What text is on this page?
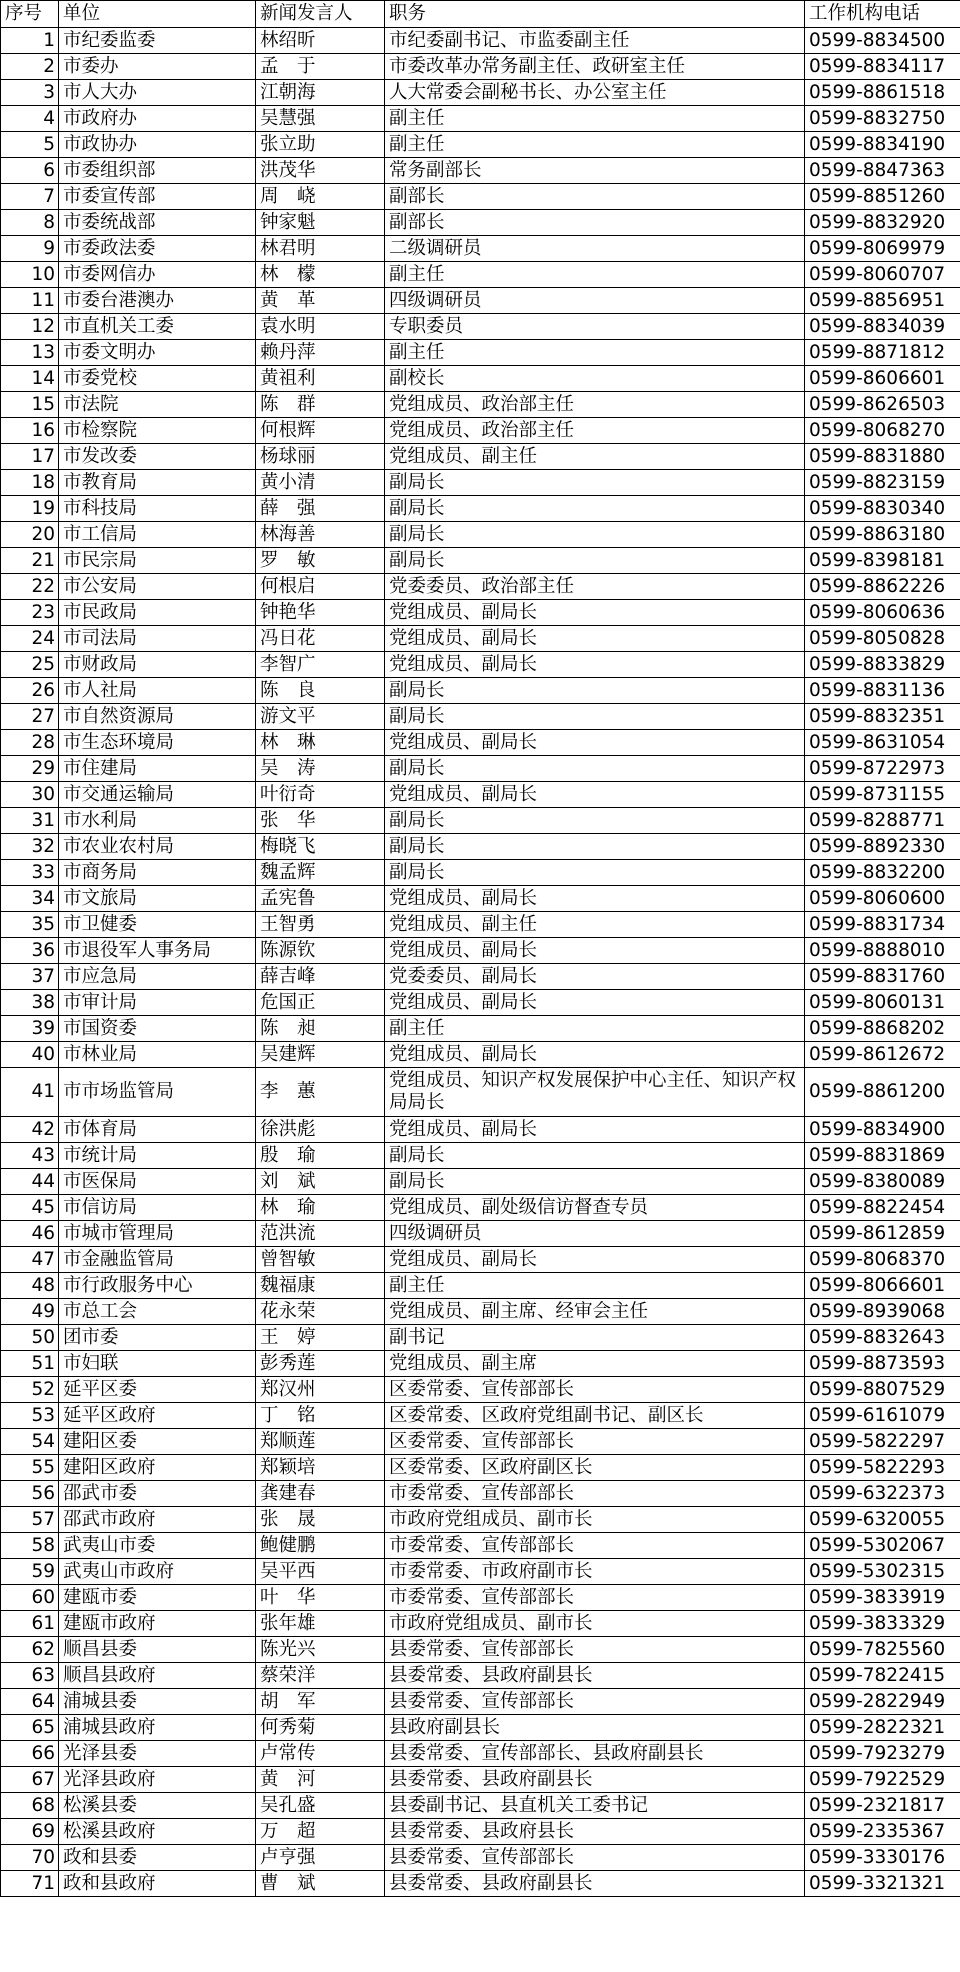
序号	单位	新闻发言人	职务	工作机构电话
1	市纪委监委	林绍昕	市纪委副书记、市监委副主任	0599-8834500
2	市委办	孟　于	市委改革办常务副主任、政研室主任	0599-8834117
3	市人大办	江朝海	人大常委会副秘书长、办公室主任	0599-8861518
4	市政府办	吴慧强	副主任	0599-8832750
5	市政协办	张立助	副主任	0599-8834190
6	市委组织部	洪茂华	常务副部长	0599-8847363
7	市委宣传部	周　峣	副部长	0599-8851260
8	市委统战部	钟家魁	副部长	0599-8832920
9	市委政法委	林君明	二级调研员	0599-8069979
10	市委网信办	林　檬	副主任	0599-8060707
11	市委台港澳办	黄　革	四级调研员	0599-8856951
12	市直机关工委	袁水明	专职委员	0599-8834039
13	市委文明办	赖丹萍	副主任	0599-8871812
14	市委党校	黄祖利	副校长	0599-8606601
15	市法院	陈　群	党组成员、政治部主任	0599-8626503
16	市检察院	何根辉	党组成员、政治部主任	0599-8068270
17	市发改委	杨球丽	党组成员、副主任	0599-8831880
18	市教育局	黄小清	副局长	0599-8823159
19	市科技局	薛　强	副局长	0599-8830340
20	市工信局	林海善	副局长	0599-8863180
21	市民宗局	罗　敏	副局长	0599-8398181
22	市公安局	何根启	党委委员、政治部主任	0599-8862226
23	市民政局	钟艳华	党组成员、副局长	0599-8060636
24	市司法局	冯日花	党组成员、副局长	0599-8050828
25	市财政局	李智广	党组成员、副局长	0599-8833829
26	市人社局	陈　良	副局长	0599-8831136
27	市自然资源局	游文平	副局长	0599-8832351
28	市生态环境局	林　琳	党组成员、副局长	0599-8631054
29	市住建局	吴　涛	副局长	0599-8722973
30	市交通运输局	叶衍奇	党组成员、副局长	0599-8731155
31	市水利局	张　华	副局长	0599-8288771
32	市农业农村局	梅晓飞	副局长	0599-8892330
33	市商务局	魏孟辉	副局长	0599-8832200
34	市文旅局	孟宪鲁	党组成员、副局长	0599-8060600
35	市卫健委	王智勇	党组成员、副主任	0599-8831734
36	市退役军人事务局	陈源钦	党组成员、副局长	0599-8888010
37	市应急局	薛吉峰	党委委员、副局长	0599-8831760
38	市审计局	危国正	党组成员、副局长	0599-8060131
39	市国资委	陈　昶	副主任	0599-8868202
40	市林业局	吴建辉	党组成员、副局长	0599-8612672
41	市市场监管局	李　蕙	党组成员、知识产权发展保护中心主任、知识产权局局长	0599-8861200
42	市体育局	徐洪彪	党组成员、副局长	0599-8834900
43	市统计局	殷　瑜	副局长	0599-8831869
44	市医保局	刘　斌	副局长	0599-8380089
45	市信访局	林　瑜	党组成员、副处级信访督查专员	0599-8822454
46	市城市管理局	范洪流	四级调研员	0599-8612859
47	市金融监管局	曾智敏	党组成员、副局长	0599-8068370
48	市行政服务中心	魏福康	副主任	0599-8066601
49	市总工会	花永荣	党组成员、副主席、经审会主任	0599-8939068
50	团市委	王　婷	副书记	0599-8832643
51	市妇联	彭秀莲	党组成员、副主席	0599-8873593
52	延平区委	郑汉州	区委常委、宣传部部长	0599-8807529
53	延平区政府	丁　铭	区委常委、区政府党组副书记、副区长	0599-6161079
54	建阳区委	郑顺莲	区委常委、宣传部部长	0599-5822297
55	建阳区政府	郑颖培	区委常委、区政府副区长	0599-5822293
56	邵武市委	龚建春	市委常委、宣传部部长	0599-6322373
57	邵武市政府	张　晟	市政府党组成员、副市长	0599-6320055
58	武夷山市委	鲍健鹏	市委常委、宣传部部长	0599-5302067
59	武夷山市政府	吴平西	市委常委、市政府副市长	0599-5302315
60	建瓯市委	叶　华	市委常委、宣传部部长	0599-3833919
61	建瓯市政府	张年雄	市政府党组成员、副市长	0599-3833329
62	顺昌县委	陈光兴	县委常委、宣传部部长	0599-7825560
63	顺昌县政府	蔡荣洋	县委常委、县政府副县长	0599-7822415
64	浦城县委	胡　军	县委常委、宣传部部长	0599-2822949
65	浦城县政府	何秀菊	县政府副县长	0599-2822321
66	光泽县委	卢常传	县委常委、宣传部部长、县政府副县长	0599-7923279
67	光泽县政府	黄　河	县委常委、县政府副县长	0599-7922529
68	松溪县委	吴孔盛	县委副书记、县直机关工委书记	0599-2321817
69	松溪县政府	万　超	县委常委、县政府县长	0599-2335367
70	政和县委	卢亨强	县委常委、宣传部部长	0599-3330176
71	政和县政府	曹　斌	县委常委、县政府副县长	0599-3321321
